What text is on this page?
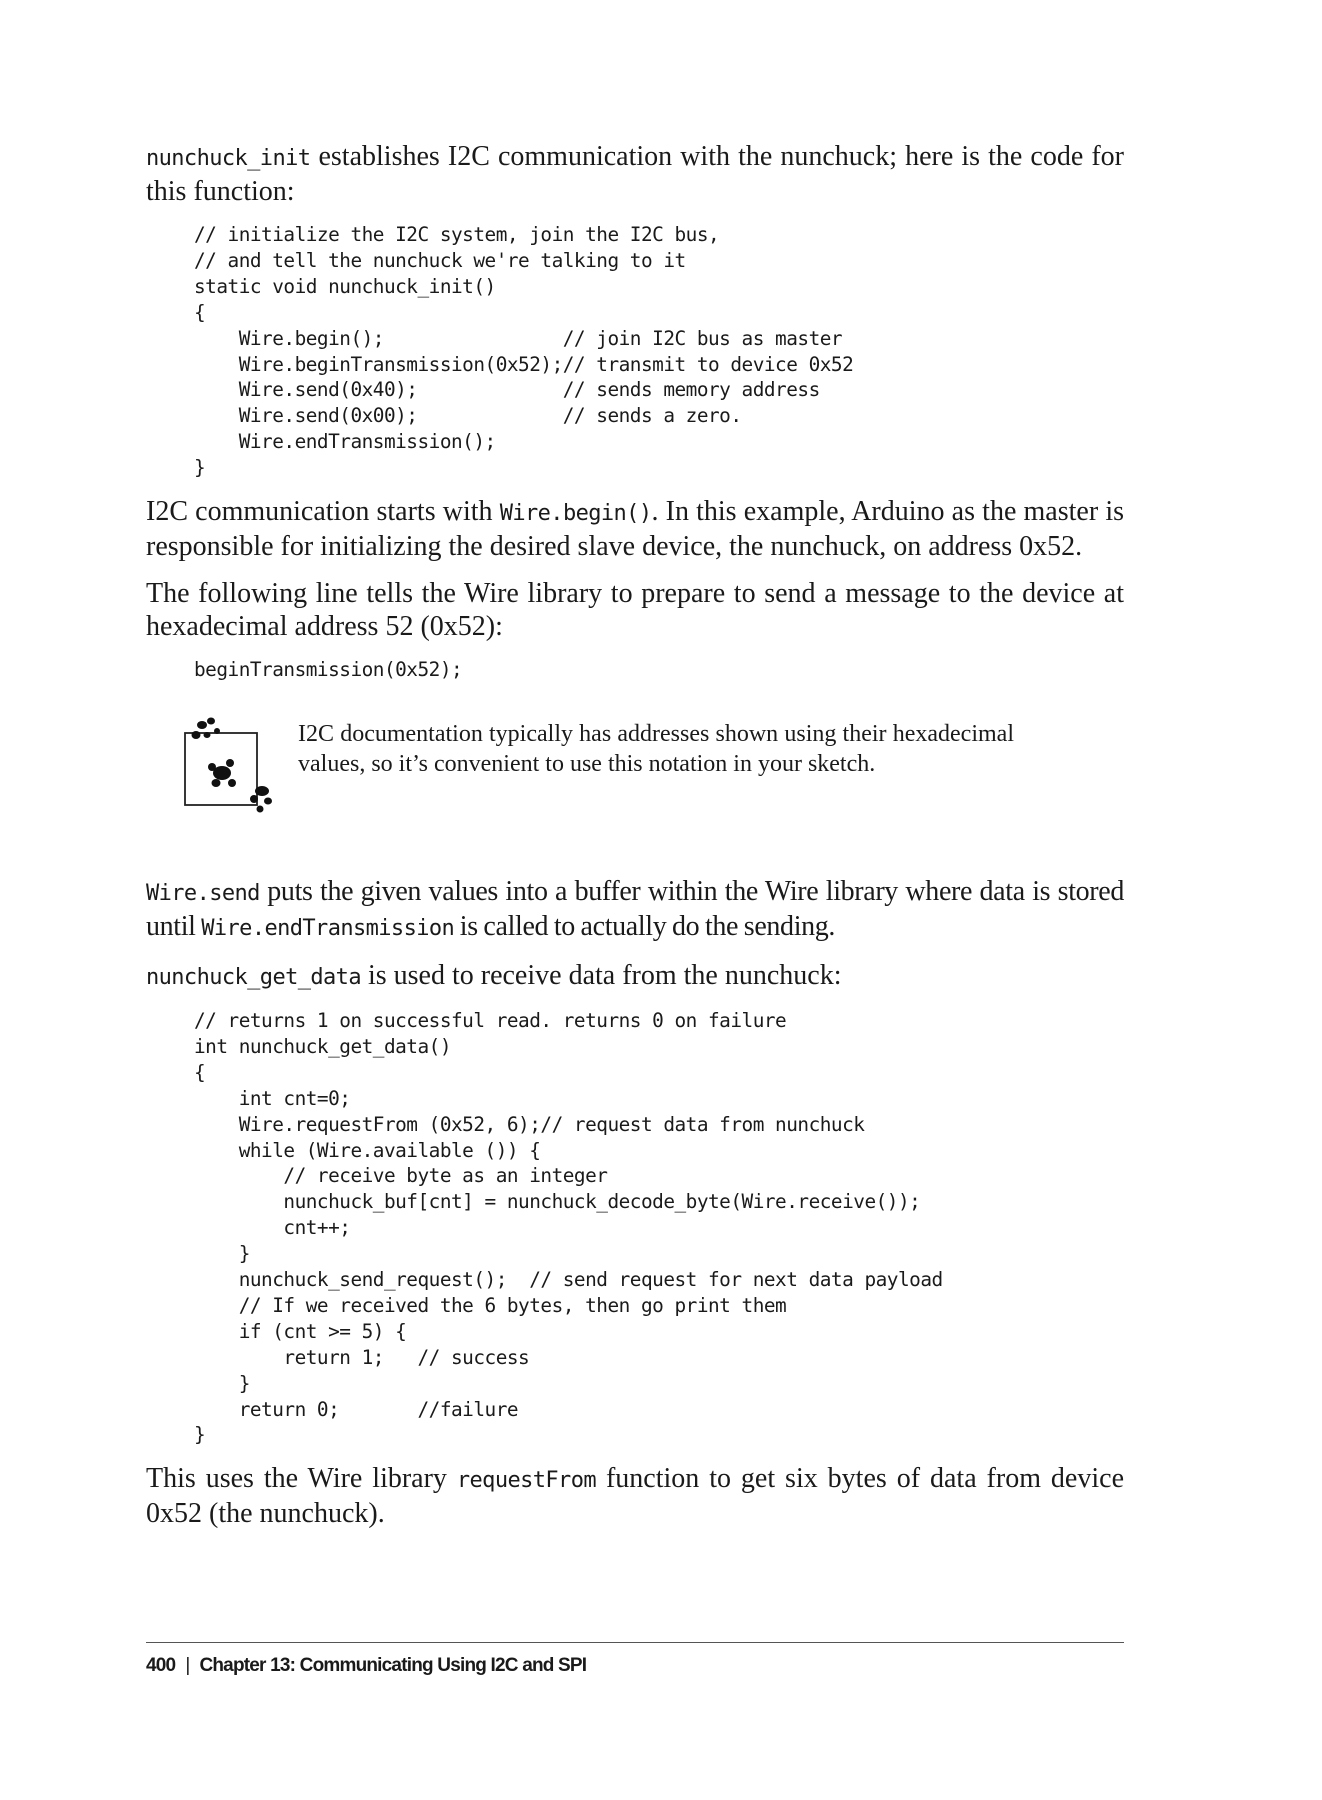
nunchuck_init establishes I2C communication with the nunchuck; here is the code for this function:

// initialize the I2C system, join the I2C bus,
// and tell the nunchuck we're talking to it
static void nunchuck_init()
{
Wire.begin();                // join I2C bus as master
Wire.beginTransmission(0x52);// transmit to device 0x52
Wire.send(0x40);             // sends memory address
Wire.send(0x00);             // sends a zero.
Wire.endTransmission();
}

I2C communication starts with Wire.begin(). In this example, Arduino as the master is responsible for initializing the desired slave device, the nunchuck, on address 0x52.

The following line tells the Wire library to prepare to send a message to the device at hexadecimal address 52 (0x52):

beginTransmission(0x52);

I2C documentation typically has addresses shown using their hexadecimal values, so it’s convenient to use this notation in your sketch.

Wire.send puts the given values into a buffer within the Wire library where data is stored until Wire.endTransmission is called to actually do the sending.

nunchuck_get_data is used to receive data from the nunchuck:

// returns 1 on successful read. returns 0 on failure
int nunchuck_get_data()
{
int cnt=0;
Wire.requestFrom (0x52, 6);// request data from nunchuck
while (Wire.available ()) {
// receive byte as an integer
nunchuck_buf[cnt] = nunchuck_decode_byte(Wire.receive());
cnt++;
}
nunchuck_send_request();  // send request for next data payload
// If we received the 6 bytes, then go print them
if (cnt >= 5) {
return 1;   // success
}
return 0;       //failure
}

This uses the Wire library requestFrom function to get six bytes of data from device 0x52 (the nunchuck).

400 | Chapter 13: Communicating Using I2C and SPI
